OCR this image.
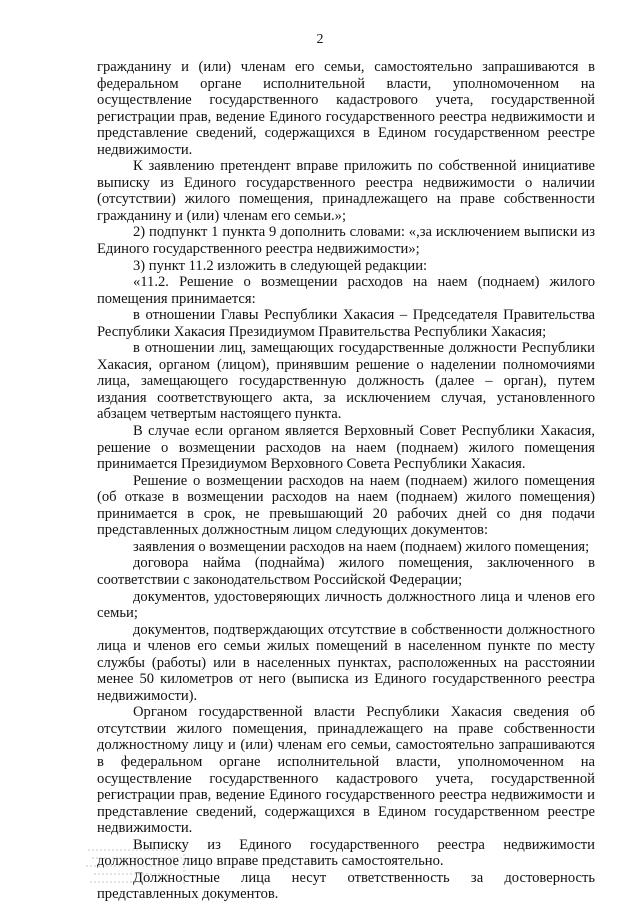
2

гражданину и (или) членам его семьи, самостоятельно запрашиваются в федеральном органе исполнительной власти, уполномоченном на осуществление государственного кадастрового учета, государственной регистрации прав, ведение Единого государственного реестра недвижимости и представление сведений, содержащихся в Едином государственном реестре недвижимости.

К заявлению претендент вправе приложить по собственной инициативе выписку из Единого государственного реестра недвижимости о наличии (отсутствии) жилого помещения, принадлежащего на праве собственности гражданину и (или) членам его семьи.»;

2) подпункт 1 пункта 9 дополнить словами: «,за исключением выписки из Единого государственного реестра недвижимости»;

3) пункт 11.2 изложить в следующей редакции:

«11.2. Решение о возмещении расходов на наем (поднаем) жилого помещения принимается:

в отношении Главы Республики Хакасия – Председателя Правительства Республики Хакасия Президиумом Правительства Республики Хакасия;

в отношении лиц, замещающих государственные должности Республики Хакасия, органом (лицом), принявшим решение о наделении полномочиями лица, замещающего государственную должность (далее – орган), путем издания соответствующего акта, за исключением случая, установленного абзацем четвертым настоящего пункта.

В случае если органом является Верховный Совет Республики Хакасия, решение о возмещении расходов на наем (поднаем) жилого помещения принимается Президиумом Верховного Совета Республики Хакасия.

Решение о возмещении расходов на наем (поднаем) жилого помещения (об отказе в возмещении расходов на наем (поднаем) жилого помещения) принимается в срок, не превышающий 20 рабочих дней со дня подачи представленных должностным лицом следующих документов:

заявления о возмещении расходов на наем (поднаем) жилого помещения;

договора найма (поднайма) жилого помещения, заключенного в соответствии с законодательством Российской Федерации;

документов, удостоверяющих личность должностного лица и членов его семьи;

документов, подтверждающих отсутствие в собственности должностного лица и членов его семьи жилых помещений в населенном пункте по месту службы (работы) или в населенных пунктах, расположенных на расстоянии менее 50 километров от него (выписка из Единого государственного реестра недвижимости).

Органом государственной власти Республики Хакасия сведения об отсутствии жилого помещения, принадлежащего на праве собственности должностному лицу и (или) членам его семьи, самостоятельно запрашиваются в федеральном органе исполнительной власти, уполномоченном на осуществление государственного кадастрового учета, государственной регистрации прав, ведение Единого государственного реестра недвижимости и представление сведений, содержащихся в Едином государственном реестре недвижимости.

Выписку из Единого государственного реестра недвижимости должностное лицо вправе представить самостоятельно.

Должностные лица несут ответственность за достоверность представленных документов.
